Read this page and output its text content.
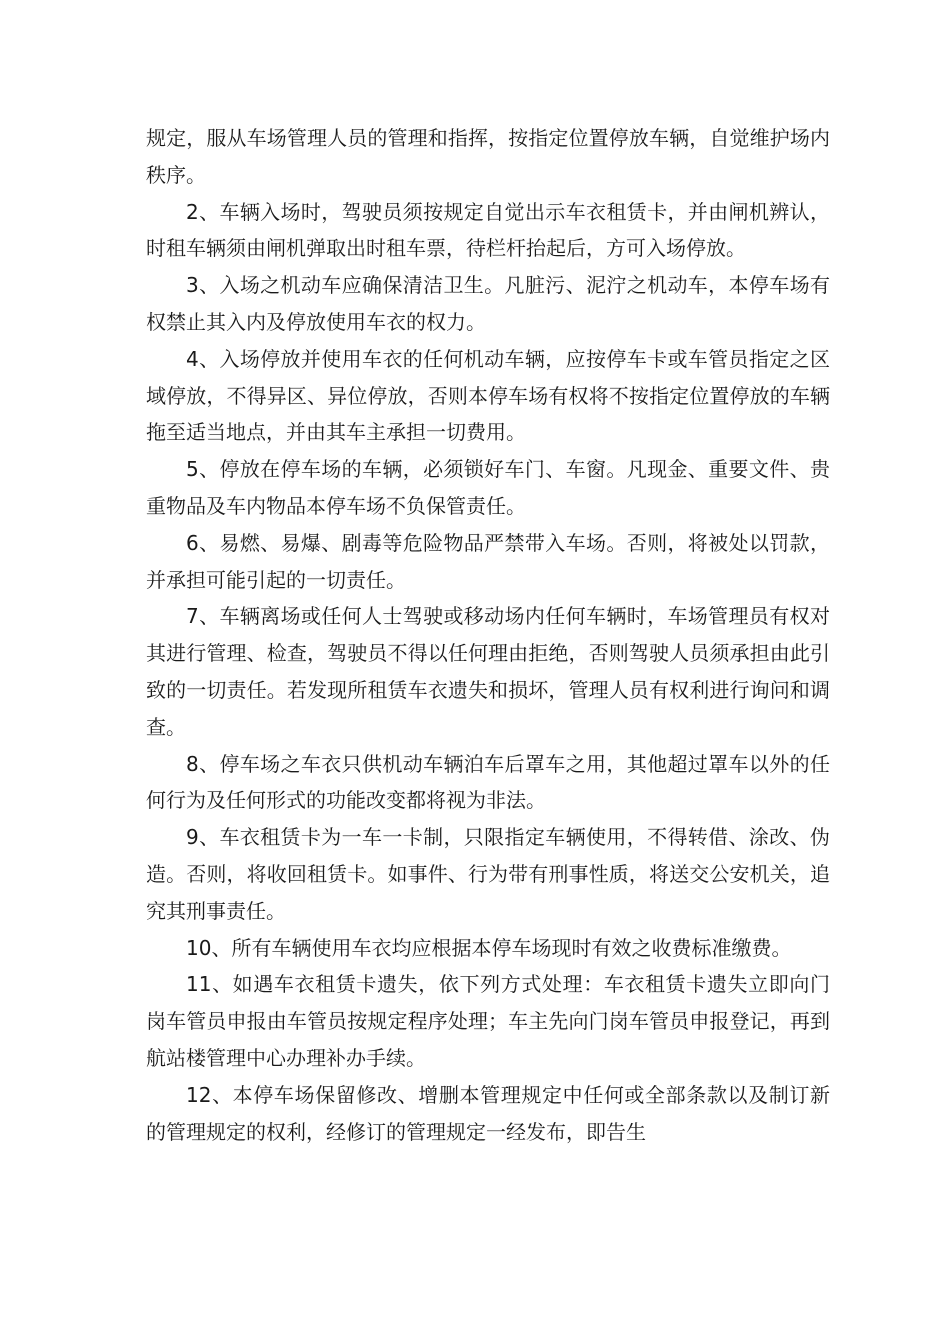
规定，服从车场管理人员的管理和指挥，按指定位置停放车辆，自觉维护场内秩序。

2、车辆入场时，驾驶员须按规定自觉出示车衣租赁卡，并由闸机辨认，时租车辆须由闸机弹取出时租车票，待栏杆抬起后，方可入场停放。

3、入场之机动车应确保清洁卫生。凡脏污、泥泞之机动车，本停车场有权禁止其入内及停放使用车衣的权力。

4、入场停放并使用车衣的任何机动车辆，应按停车卡或车管员指定之区域停放，不得异区、异位停放，否则本停车场有权将不按指定位置停放的车辆拖至适当地点，并由其车主承担一切费用。

5、停放在停车场的车辆，必须锁好车门、车窗。凡现金、重要文件、贵重物品及车内物品本停车场不负保管责任。

6、易燃、易爆、剧毒等危险物品严禁带入车场。否则，将被处以罚款，并承担可能引起的一切责任。

7、车辆离场或任何人士驾驶或移动场内任何车辆时，车场管理员有权对其进行管理、检查，驾驶员不得以任何理由拒绝，否则驾驶人员须承担由此引致的一切责任。若发现所租赁车衣遗失和损坏，管理人员有权利进行询问和调查。

8、停车场之车衣只供机动车辆泊车后罩车之用，其他超过罩车以外的任何行为及任何形式的功能改变都将视为非法。

9、车衣租赁卡为一车一卡制，只限指定车辆使用，不得转借、涂改、伪造。否则，将收回租赁卡。如事件、行为带有刑事性质，将送交公安机关，追究其刑事责任。

10、所有车辆使用车衣均应根据本停车场现时有效之收费标准缴费。

11、如遇车衣租赁卡遗失，依下列方式处理：车衣租赁卡遗失立即向门岗车管员申报由车管员按规定程序处理；车主先向门岗车管员申报登记，再到航站楼管理中心办理补办手续。

12、本停车场保留修改、增删本管理规定中任何或全部条款以及制订新的管理规定的权利，经修订的管理规定一经发布，即告生
